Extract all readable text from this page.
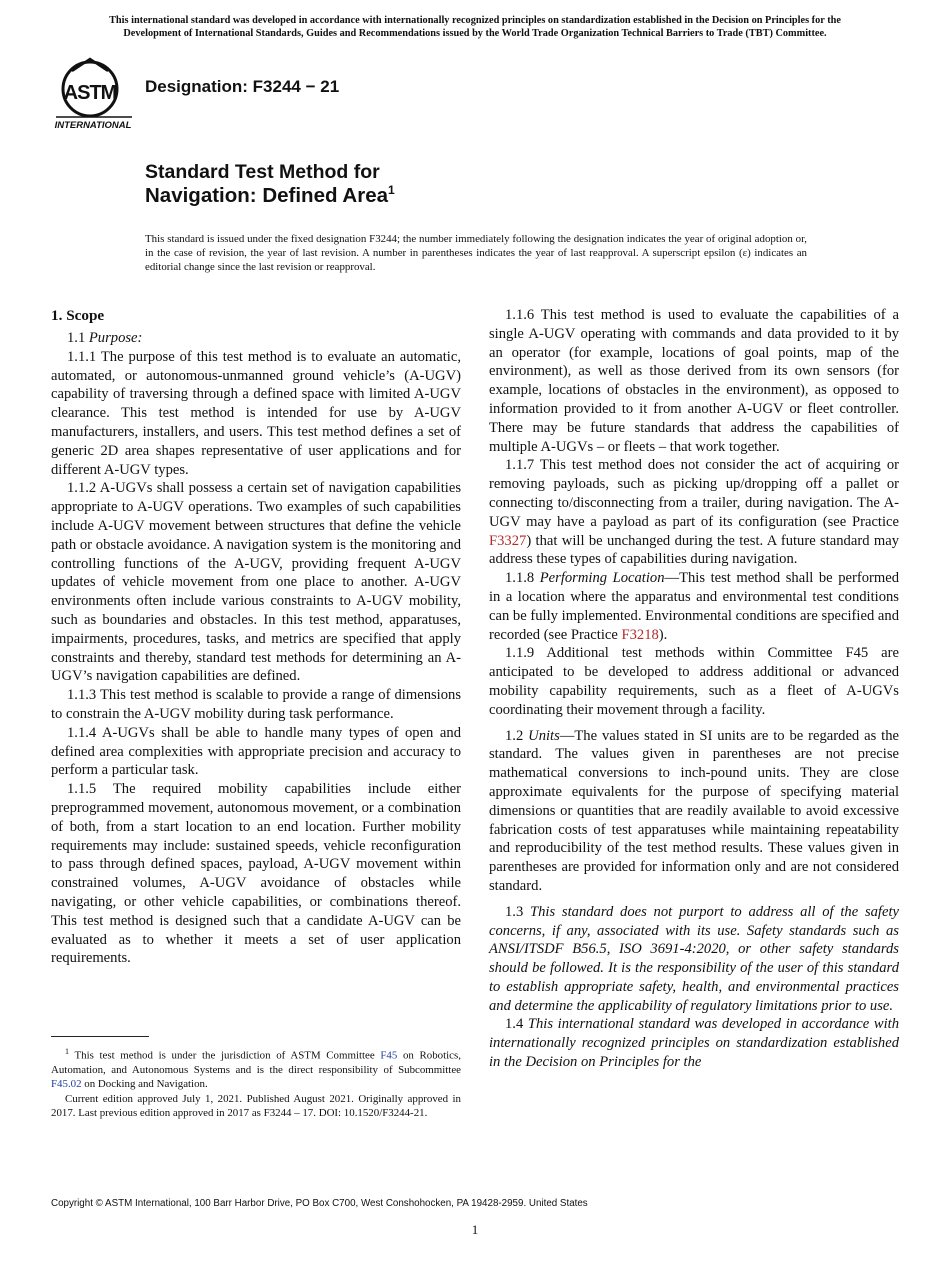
This international standard was developed in accordance with internationally recognized principles on standardization established in the Decision on Principles for the
Development of International Standards, Guides and Recommendations issued by the World Trade Organization Technical Barriers to Trade (TBT) Committee.
ASTM
INTERNATIONAL
Designation: F3244 − 21
Standard Test Method for
Navigation: Defined Area$^1$
This standard is issued under the fixed designation F3244; the number immediately following the designation indicates the year of original adoption or, in the case of revision, the year of last revision. A number in parentheses indicates the year of last reapproval. A superscript epsilon (ε) indicates an editorial change since the last revision or reapproval.
1. Scope

1.1 Purpose:

1.1.1 The purpose of this test method is to evaluate an automatic, automated, or autonomous-unmanned ground vehicle’s (A-UGV) capability of traversing through a defined space with limited A-UGV clearance. This test method is intended for use by A-UGV manufacturers, installers, and users. This test method defines a set of generic 2D area shapes representative of user applications and for different A-UGV types.

1.1.2 A-UGVs shall possess a certain set of navigation capabilities appropriate to A-UGV operations. Two examples of such capabilities include A-UGV movement between structures that define the vehicle path or obstacle avoidance. A navigation system is the monitoring and controlling functions of the A-UGV, providing frequent A-UGV updates of vehicle movement from one place to another. A-UGV environments often include various constraints to A-UGV mobility, such as boundaries and obstacles. In this test method, apparatuses, impairments, procedures, tasks, and metrics are specified that apply constraints and thereby, standard test methods for determining an A-UGV’s navigation capabilities are defined.

1.1.3 This test method is scalable to provide a range of dimensions to constrain the A-UGV mobility during task performance.

1.1.4 A-UGVs shall be able to handle many types of open and defined area complexities with appropriate precision and accuracy to perform a particular task.

1.1.5 The required mobility capabilities include either preprogrammed movement, autonomous movement, or a combination of both, from a start location to an end location. Further mobility requirements may include: sustained speeds, vehicle reconfiguration to pass through defined spaces, payload, A-UGV movement within constrained volumes, A-UGV avoidance of obstacles while navigating, or other vehicle capabilities, or combinations thereof. This test method is designed such that a candidate A-UGV can be evaluated as to whether it meets a set of user application requirements.

1.1.6 This test method is used to evaluate the capabilities of a single A-UGV operating with commands and data provided to it by an operator (for example, locations of goal points, map of the environment), as well as those derived from its own sensors (for example, locations of obstacles in the environment), as opposed to information provided to it from another A-UGV or fleet controller. There may be future standards that address the capabilities of multiple A-UGVs – or fleets – that work together.

1.1.7 This test method does not consider the act of acquiring or removing payloads, such as picking up/dropping off a pallet or connecting to/disconnecting from a trailer, during navigation. The A-UGV may have a payload as part of its configuration (see Practice F3327) that will be unchanged during the test. A future standard may address these types of capabilities during navigation.

1.1.8 Performing Location—This test method shall be performed in a location where the apparatus and environmental test conditions can be fully implemented. Environmental conditions are specified and recorded (see Practice F3218).

1.1.9 Additional test methods within Committee F45 are anticipated to be developed to address additional or advanced mobility capability requirements, such as a fleet of A-UGVs coordinating their movement through a facility.

1.2 Units—The values stated in SI units are to be regarded as the standard. The values given in parentheses are not precise mathematical conversions to inch-pound units. They are close approximate equivalents for the purpose of specifying material dimensions or quantities that are readily available to avoid excessive fabrication costs of test apparatuses while maintaining repeatability and reproducibility of the test method results. These values given in parentheses are provided for information only and are not considered standard.

1.3 This standard does not purport to address all of the safety concerns, if any, associated with its use. Safety standards such as ANSI/ITSDF B56.5, ISO 3691-4:2020, or other safety standards should be followed. It is the responsibility of the user of this standard to establish appropriate safety, health, and environmental practices and determine the applicability of regulatory limitations prior to use.

1.4 This international standard was developed in accordance with internationally recognized principles on standardization established in the Decision on Principles for the

$^1$ This test method is under the jurisdiction of ASTM Committee F45 on Robotics, Automation, and Autonomous Systems and is the direct responsibility of Subcommittee F45.02 on Docking and Navigation.

Current edition approved July 1, 2021. Published August 2021. Originally approved in 2017. Last previous edition approved in 2017 as F3244 – 17. DOI: 10.1520/F3244-21.

Copyright © ASTM International, 100 Barr Harbor Drive, PO Box C700, West Conshohocken, PA 19428-2959. United States
1
